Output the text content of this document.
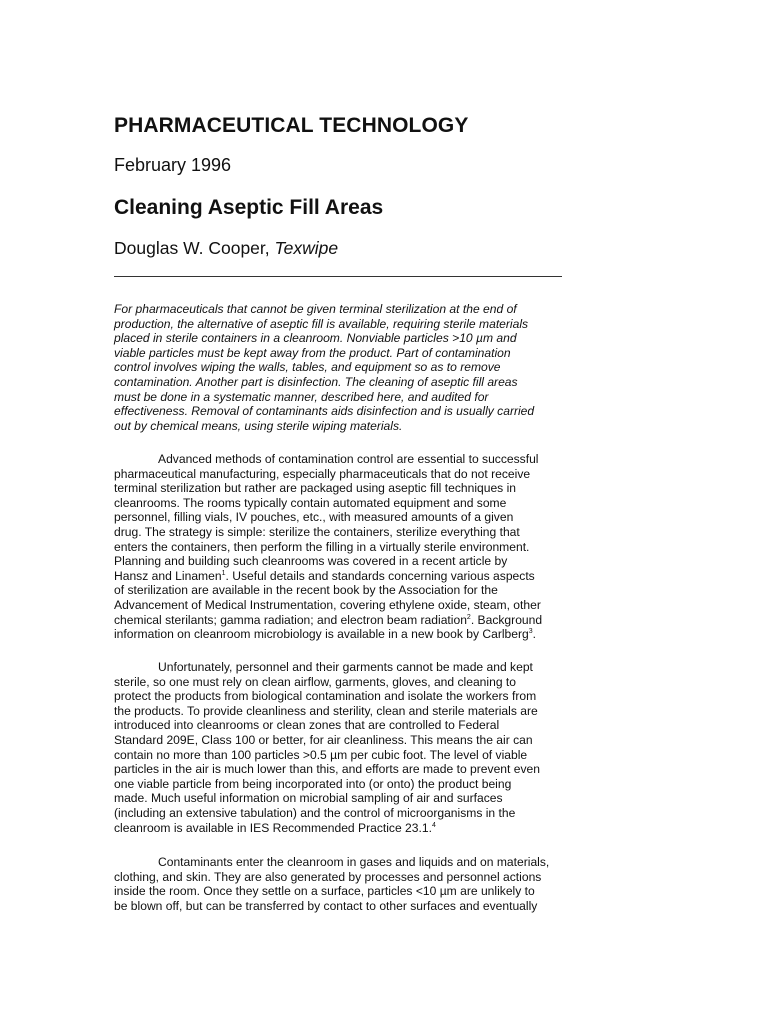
PHARMACEUTICAL TECHNOLOGY
February 1996
Cleaning Aseptic Fill Areas
Douglas W. Cooper, Texwipe
For pharmaceuticals that cannot be given terminal sterilization at the end of
production, the alternative of aseptic fill is available, requiring sterile materials
placed in sterile containers in a cleanroom. Nonviable particles >10 µm and
viable particles must be kept away from the product. Part of contamination
control involves wiping the walls, tables, and equipment so as to remove
contamination. Another part is disinfection. The cleaning of aseptic fill areas
must be done in a systematic manner, described here, and audited for
effectiveness. Removal of contaminants aids disinfection and is usually carried
out by chemical means, using sterile wiping materials.
Advanced methods of contamination control are essential to successful
pharmaceutical manufacturing, especially pharmaceuticals that do not receive
terminal sterilization but rather are packaged using aseptic fill techniques in
cleanrooms. The rooms typically contain automated equipment and some
personnel, filling vials, IV pouches, etc., with measured amounts of a given
drug. The strategy is simple: sterilize the containers, sterilize everything that
enters the containers, then perform the filling in a virtually sterile environment.
Planning and building such cleanrooms was covered in a recent article by
Hansz and Linamen$^1$. Useful details and standards concerning various aspects
of sterilization are available in the recent book by the Association for the
Advancement of Medical Instrumentation, covering ethylene oxide, steam, other
chemical sterilants; gamma radiation; and electron beam radiation$^2$. Background
information on cleanroom microbiology is available in a new book by Carlberg$^3$.
Unfortunately, personnel and their garments cannot be made and kept
sterile, so one must rely on clean airflow, garments, gloves, and cleaning to
protect the products from biological contamination and isolate the workers from
the products. To provide cleanliness and sterility, clean and sterile materials are
introduced into cleanrooms or clean zones that are controlled to Federal
Standard 209E, Class 100 or better, for air cleanliness. This means the air can
contain no more than 100 particles >0.5 µm per cubic foot. The level of viable
particles in the air is much lower than this, and efforts are made to prevent even
one viable particle from being incorporated into (or onto) the product being
made. Much useful information on microbial sampling of air and surfaces
(including an extensive tabulation) and the control of microorganisms in the
cleanroom is available in IES Recommended Practice 23.1.$^4$
Contaminants enter the cleanroom in gases and liquids and on materials,
clothing, and skin. They are also generated by processes and personnel actions
inside the room. Once they settle on a surface, particles <10 µm are unlikely to
be blown off, but can be transferred by contact to other surfaces and eventually
